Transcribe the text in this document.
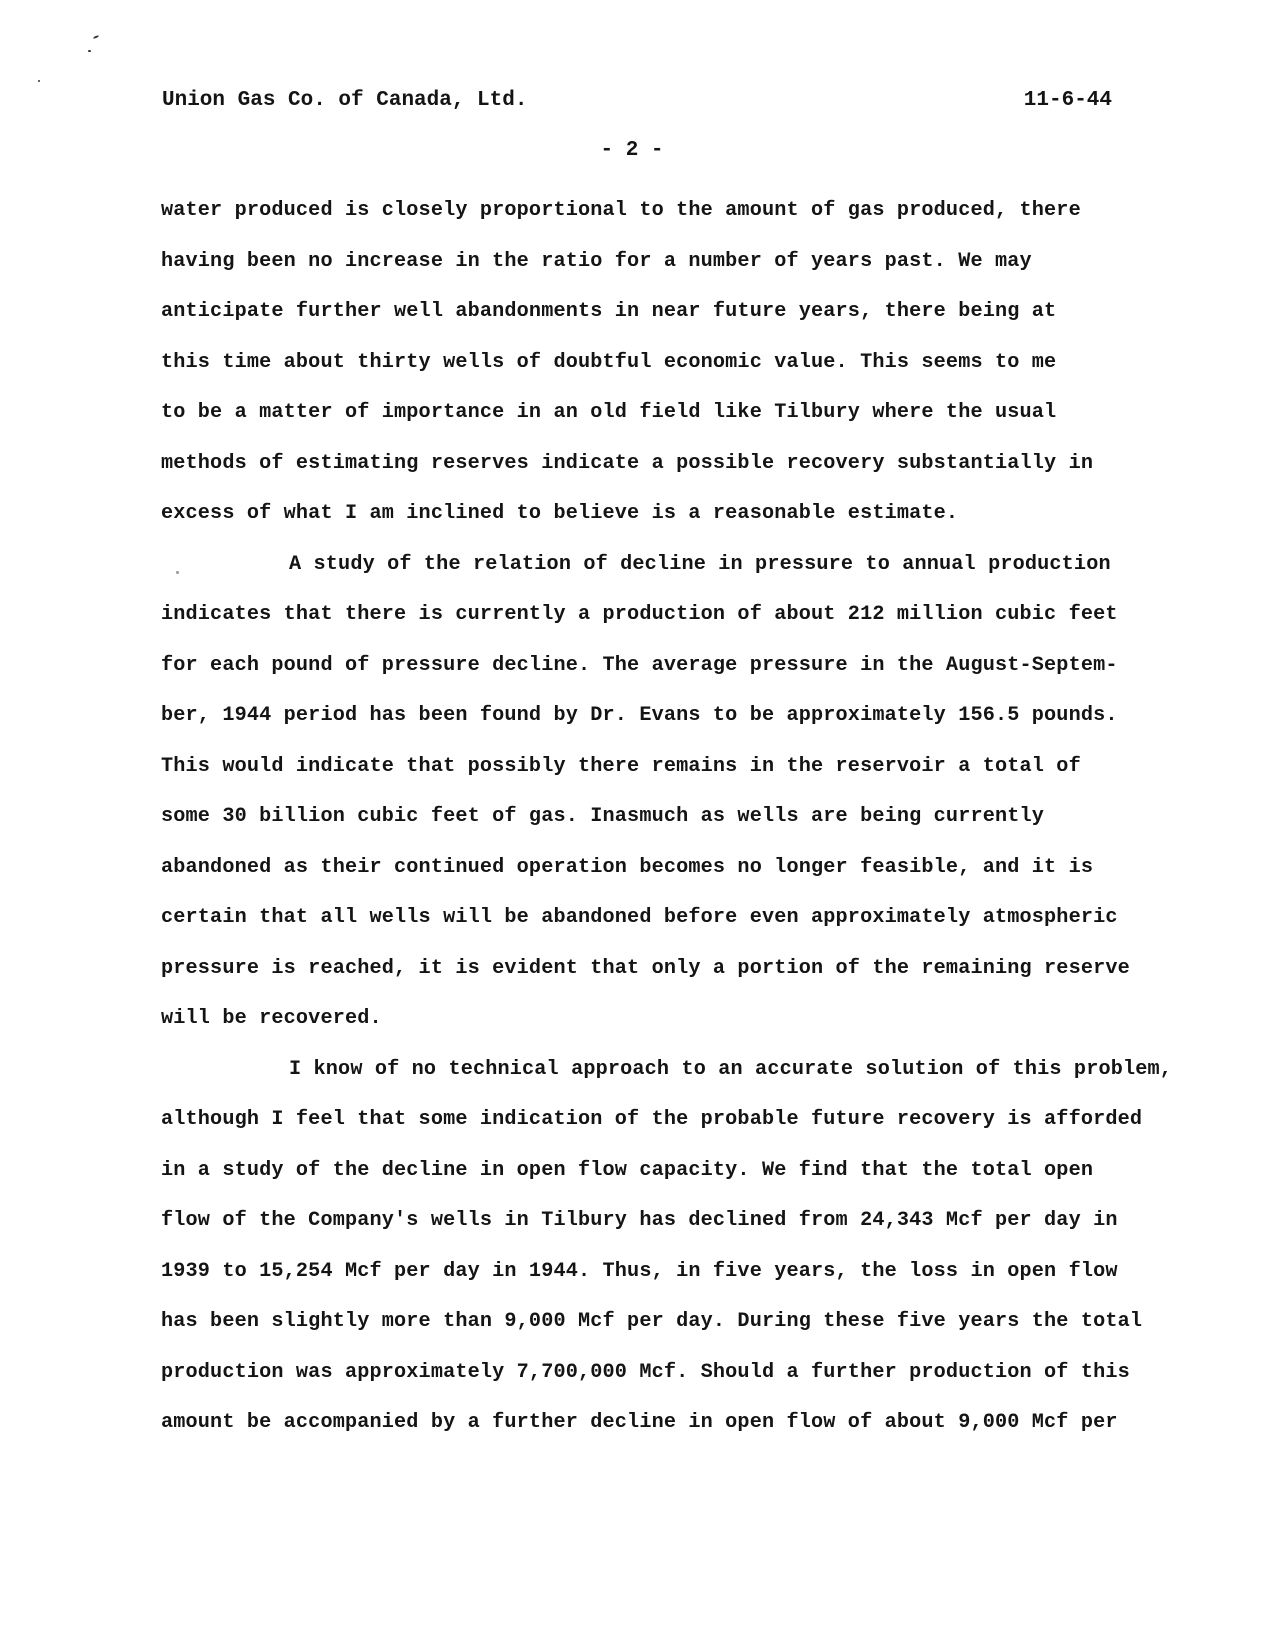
Union Gas Co. of Canada, Ltd.	11-6-44
- 2 -
water produced is closely proportional to the amount of gas produced, there
having been no increase in the ratio for a number of years past. We may
anticipate further well abandonments in near future years, there being at
this time about thirty wells of doubtful economic value. This seems to me
to be a matter of importance in an old field like Tilbury where the usual
methods of estimating reserves indicate a possible recovery substantially in
excess of what I am inclined to believe is a reasonable estimate.
A study of the relation of decline in pressure to annual production
indicates that there is currently a production of about 212 million cubic feet
for each pound of pressure decline. The average pressure in the August-Septem-
ber, 1944 period has been found by Dr. Evans to be approximately 156.5 pounds.
This would indicate that possibly there remains in the reservoir a total of
some 30 billion cubic feet of gas. Inasmuch as wells are being currently
abandoned as their continued operation becomes no longer feasible, and it is
certain that all wells will be abandoned before even approximately atmospheric
pressure is reached, it is evident that only a portion of the remaining reserve
will be recovered.
I know of no technical approach to an accurate solution of this problem,
although I feel that some indication of the probable future recovery is afforded
in a study of the decline in open flow capacity. We find that the total open
flow of the Company's wells in Tilbury has declined from 24,343 Mcf per day in
1939 to 15,254 Mcf per day in 1944. Thus, in five years, the loss in open flow
has been slightly more than 9,000 Mcf per day. During these five years the total
production was approximately 7,700,000 Mcf. Should a further production of this
amount be accompanied by a further decline in open flow of about 9,000 Mcf per
